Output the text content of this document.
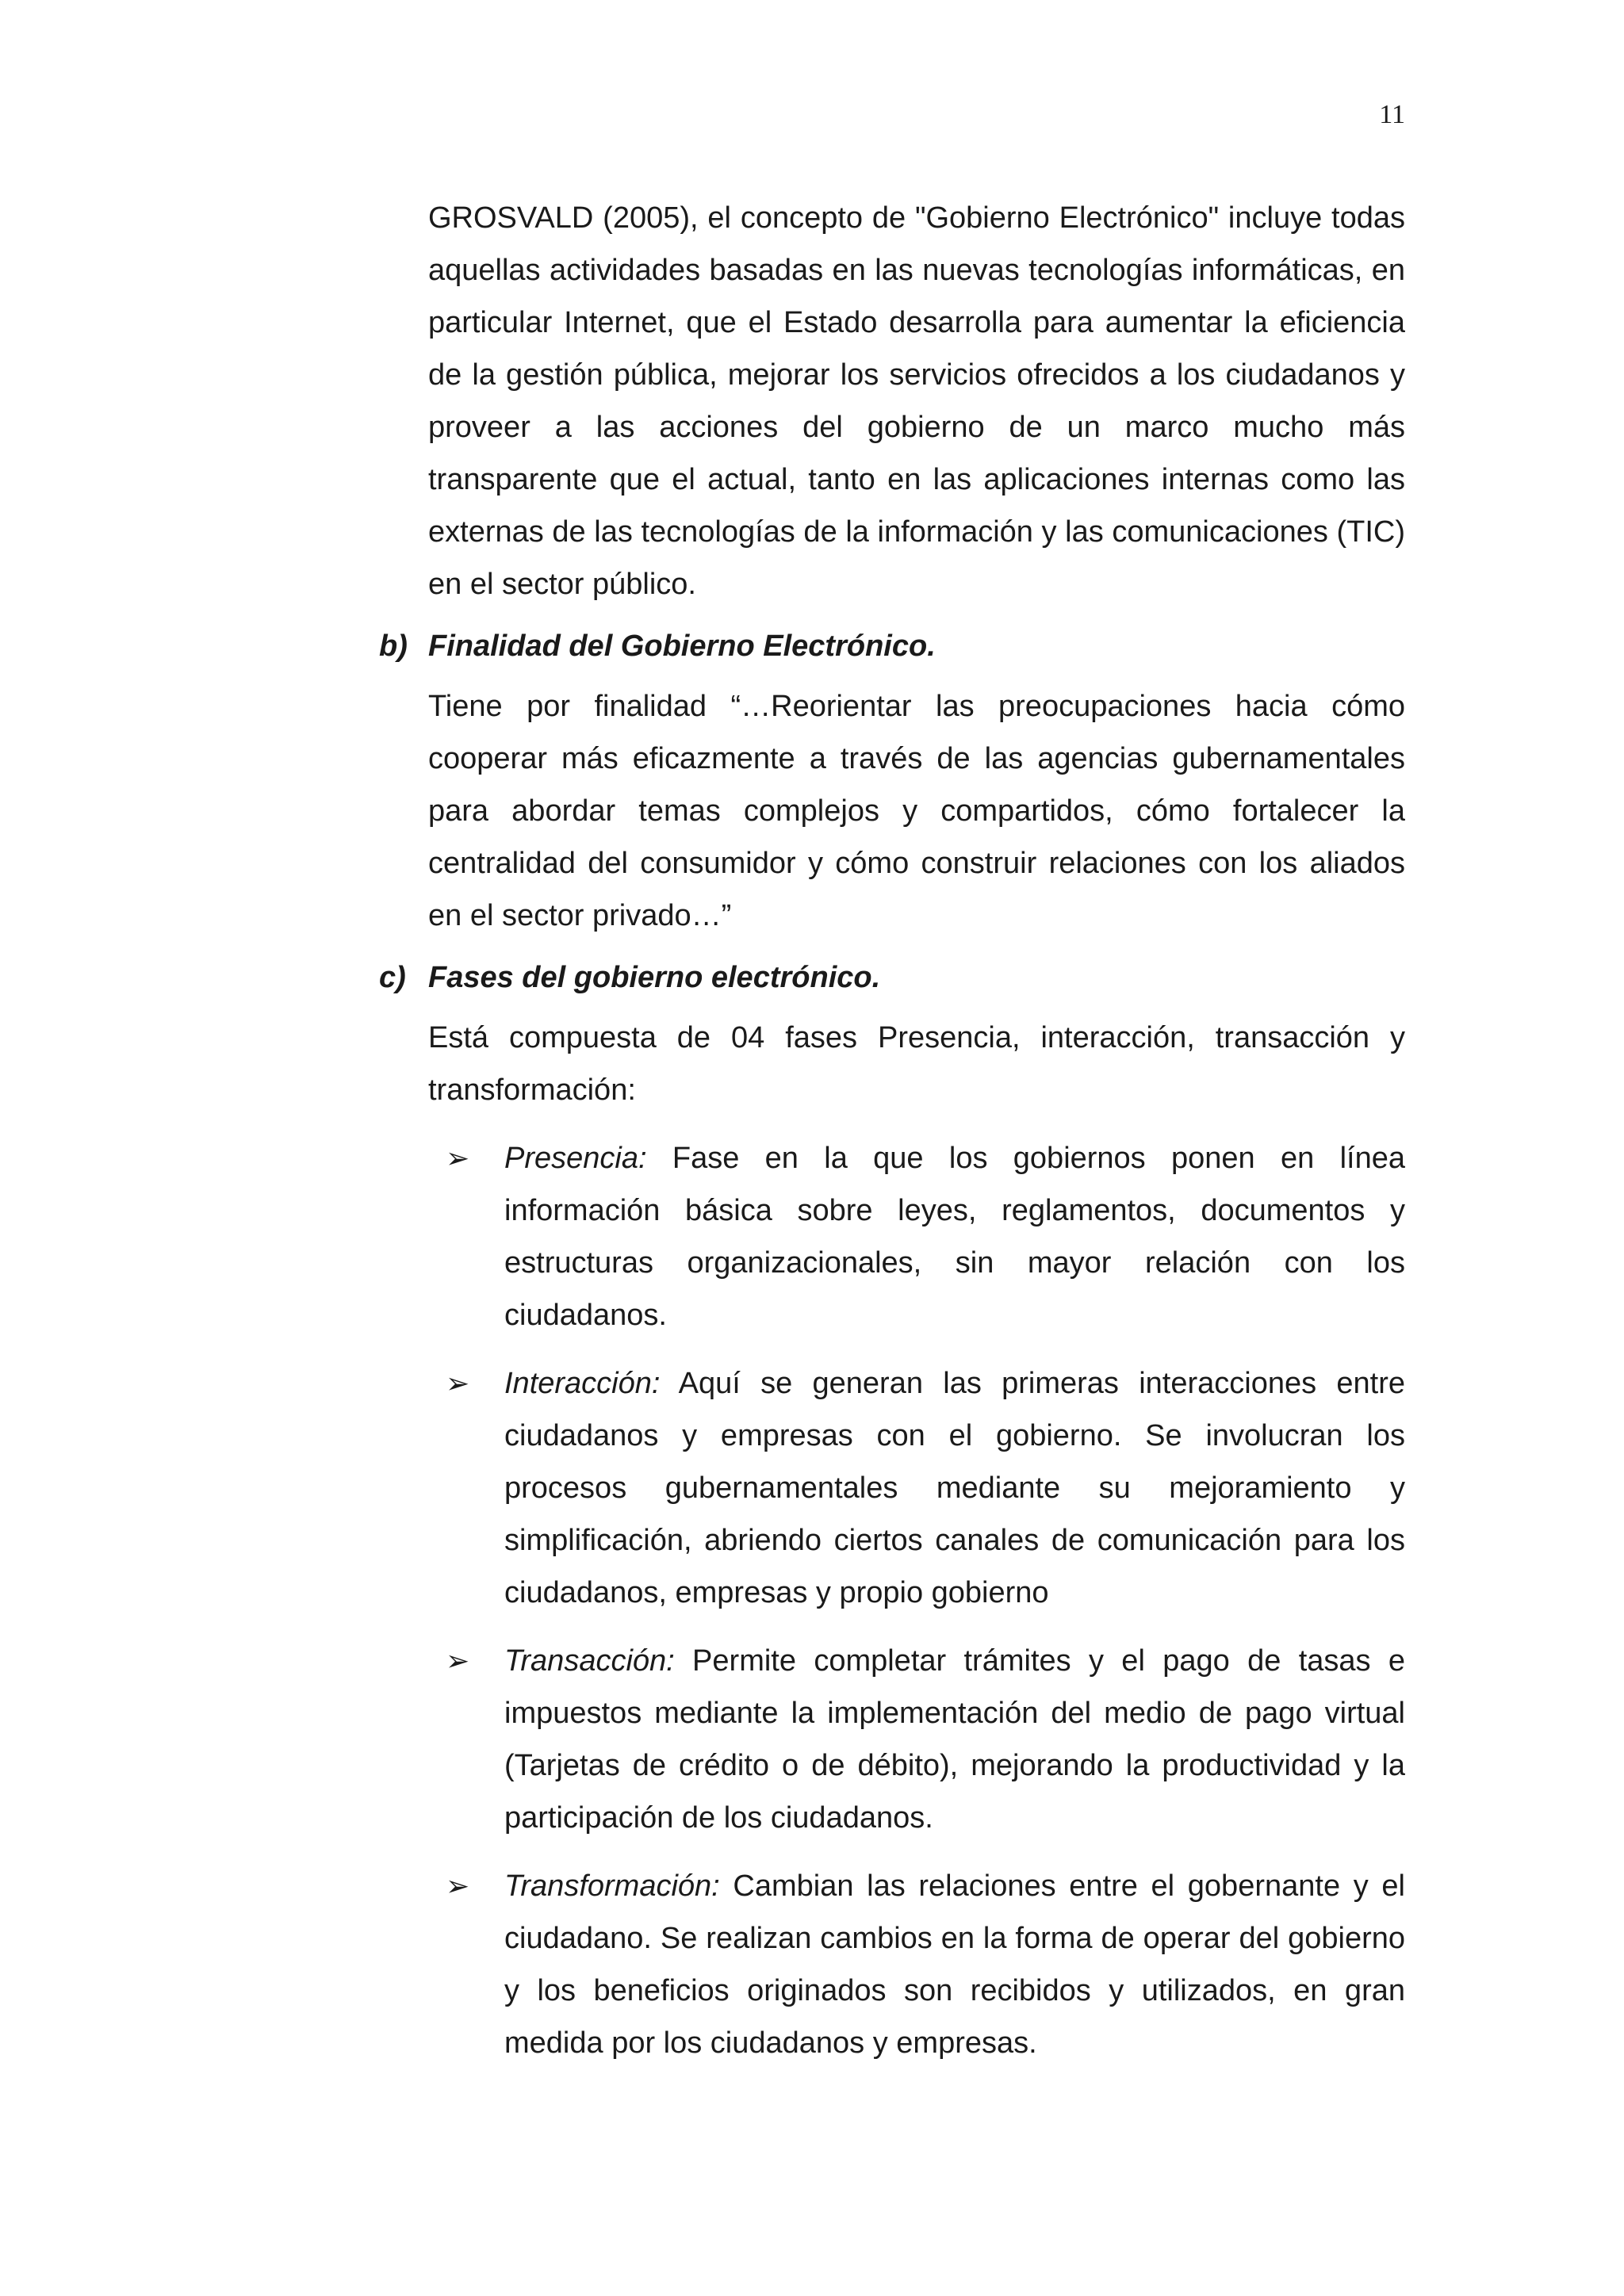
11

GROSVALD (2005), el concepto de "Gobierno Electrónico" incluye todas aquellas actividades basadas en las nuevas tecnologías informáticas, en particular Internet, que el Estado desarrolla para aumentar la eficiencia de la gestión pública, mejorar los servicios ofrecidos a los ciudadanos y proveer a las acciones del gobierno de un marco mucho más transparente que el actual, tanto en las aplicaciones internas como las externas de las tecnologías de la información y las comunicaciones (TIC) en el sector público.

b) Finalidad del Gobierno Electrónico.

Tiene por finalidad “…Reorientar las preocupaciones hacia cómo cooperar más eficazmente a través de las agencias gubernamentales para abordar temas complejos y compartidos, cómo fortalecer la centralidad del consumidor y cómo construir relaciones con los aliados en el sector privado…”

c) Fases del gobierno electrónico.

Está compuesta de 04 fases Presencia, interacción, transacción y transformación:

➢ Presencia: Fase en la que los gobiernos ponen en línea información básica sobre leyes, reglamentos, documentos y estructuras organizacionales, sin mayor relación con los ciudadanos.
➢ Interacción: Aquí se generan las primeras interacciones entre ciudadanos y empresas con el gobierno. Se involucran los procesos gubernamentales mediante su mejoramiento y simplificación, abriendo ciertos canales de comunicación para los ciudadanos, empresas y propio gobierno
➢ Transacción: Permite completar trámites y el pago de tasas e impuestos mediante la implementación del medio de pago virtual (Tarjetas de crédito o de débito), mejorando la productividad y la participación de los ciudadanos.
➢ Transformación: Cambian las relaciones entre el gobernante y el ciudadano. Se realizan cambios en la forma de operar del gobierno y los beneficios originados son recibidos y utilizados, en gran medida por los ciudadanos y empresas.
